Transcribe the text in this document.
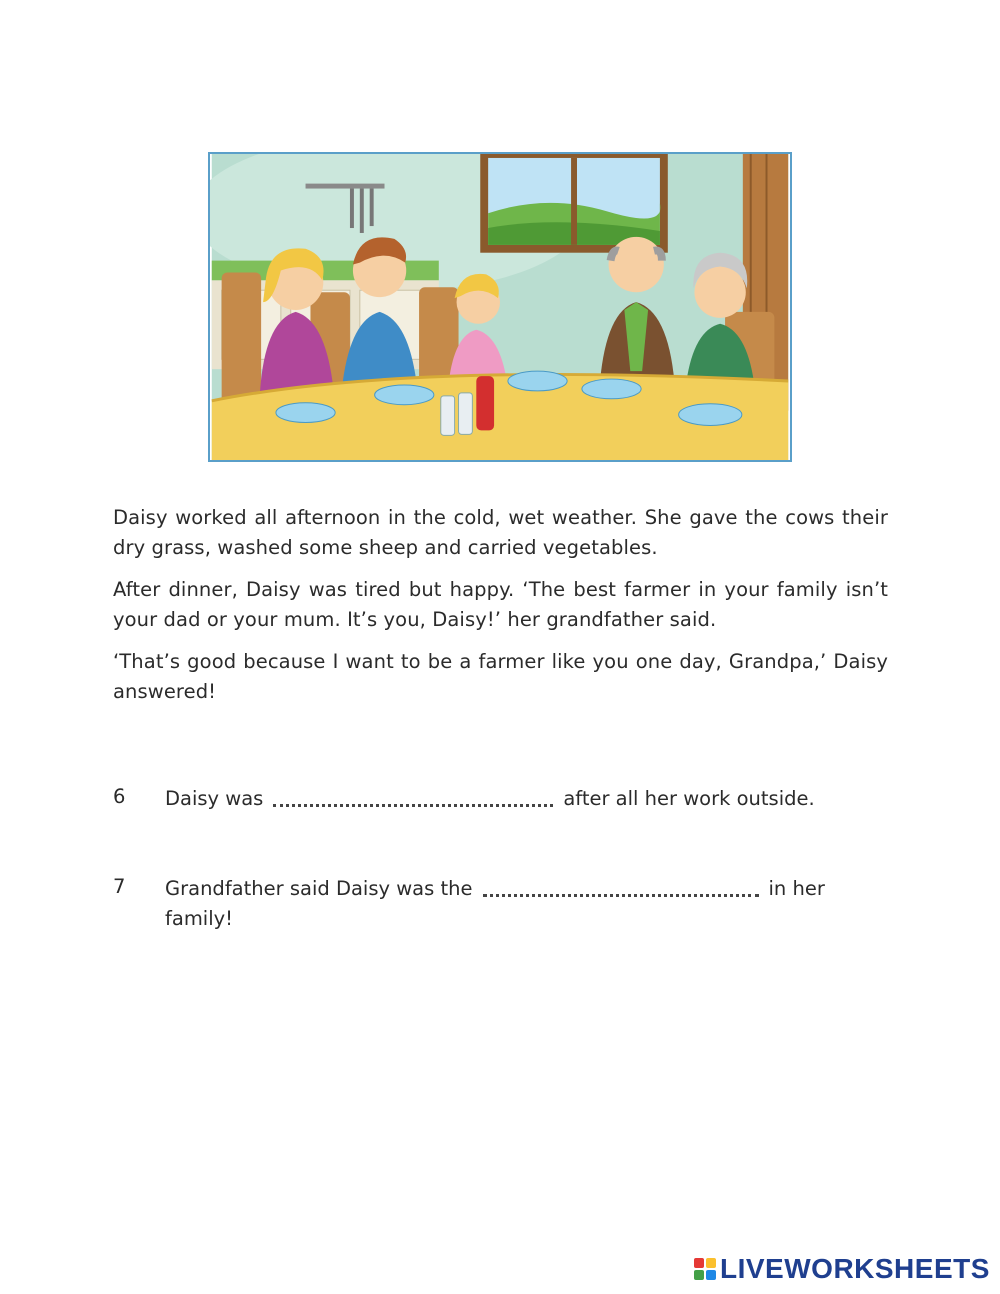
Daisy worked all afternoon in the cold, wet weather. She gave the cows their dry grass, washed some sheep and carried vegetables.

After dinner, Daisy was tired but happy. ‘The best farmer in your family isn’t your dad or your mum. It’s you, Daisy!’ her grandfather said.

‘That’s good because I want to be a farmer like you one day, Grandpa,’ Daisy answered!

6	Daisy was	after all her work outside.
7	Grandfather said Daisy was the	in her family!
LIVEWORKSHEETS
